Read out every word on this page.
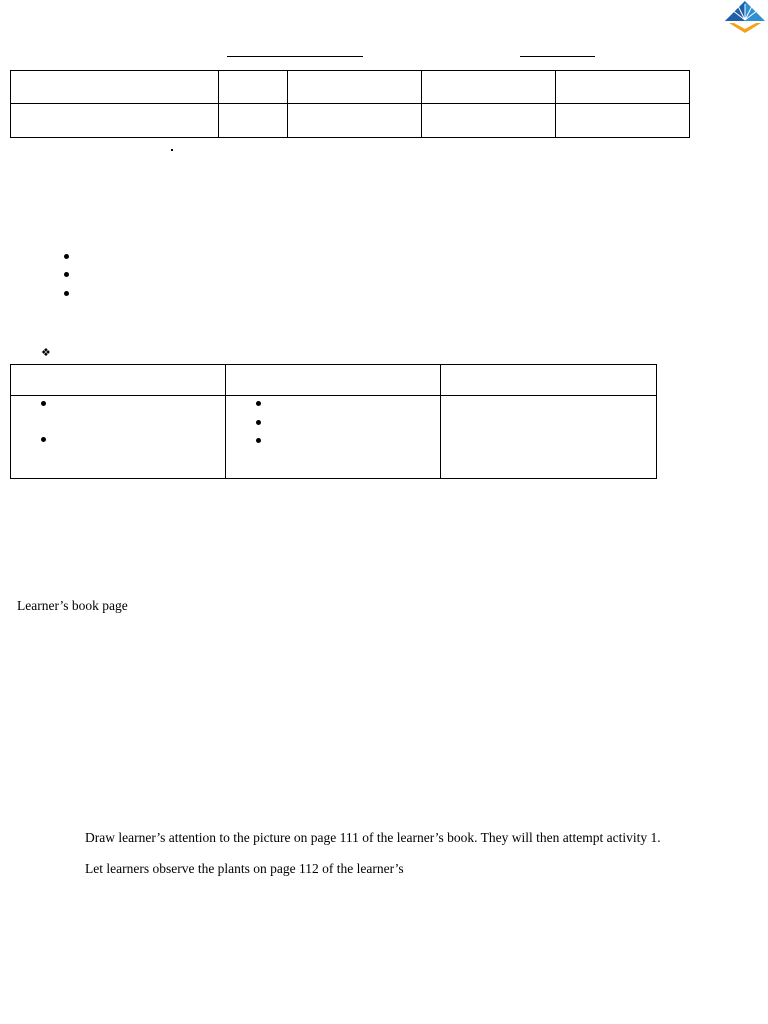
❖

Learner’s book page
Draw learner’s attention to the picture on page 111 of the learner’s book. They will then attempt activity 1.
Let learners observe the plants on page 112 of the learner’s
